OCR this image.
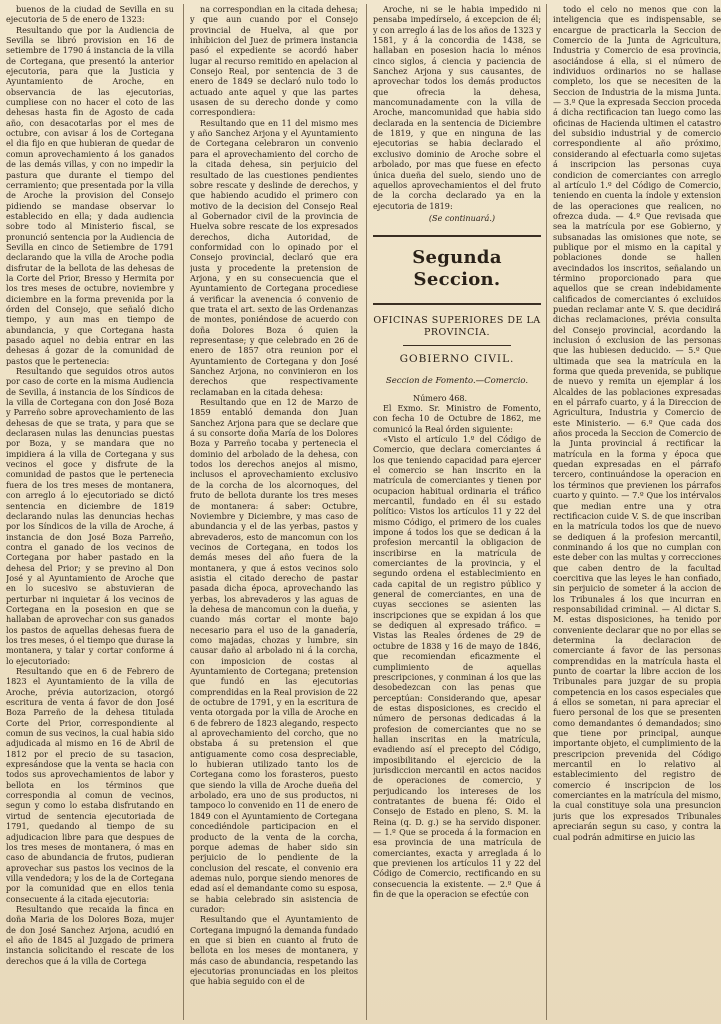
buenos de la ciudad de Sevilla en su ejecutoria de 5 de enero de 1323:

Resultando que por la Audiencia de Sevilla se libró provision en 16 de setiembre de 1790 á instancia de la villa de Cortegana, que presentó la anterior ejecutoria, para que la Justicia y Ayuntamiento de Aroche, en observancia de las ejecutorias, cumpliese con no hacer el coto de las dehesas hasta fin de Agosto de cada año, con desacotarlas por el mes de octubre, con avisar á los de Cortegana el dia fijo en que hubieran de quedar de comun aprovechamiento á los ganados de las demás villas, y con no impedir la pastura que durante el tiempo del cerramiento; que presentada por la villa de Aroche la provision del Consejo pidiendo se mandase observar lo establecido en ella; y dada audiencia sobre todo al Ministerio fiscal, se pronunció sentencia por la Audiencia de Sevilla en cinco de Setiembre de 1791 declarando que la villa de Aroche podia disfrutar de la bellota de las dehesas de la Corte del Prior, Bresso y Hermita por los tres meses de octubre, noviembre y diciembre en la forma prevenida por la órden del Consejo, que señaló dicho tiempo, y aun mas en tiempo de abundancia, y que Cortegana hasta pasado aquel no debia entrar en las dehesas á gozar de la comunidad de pastos que le pertenecia:

Resultando que seguidos otros autos por caso de corte en la misma Audiencia de Sevilla, á instancia de los Síndicos de la villa de Cortegana con don José Boza y Parreño sobre aprovechamiento de las dehesas de que se trata, y para que se declarasen nulas las denuncias puestas por Boza, y se mandara que no impidiera á la villa de Cortegana y sus vecinos el goce y disfrute de la comunidad de pastos que le pertenecia fuera de los tres meses de montanera, con arreglo á lo ejecutoriado se dictó sentencia en diciembre de 1819 declarando nulas las denuncias hechas por los Síndicos de la villa de Aroche, á instancia de don José Boza Parreño, contra el ganado de los vecinos de Cortegana por haber pastado en la dehesa del Prior; y se previno al Don José y al Ayuntamiento de Aroche que en lo sucesivo se abstuvieran de perturbar ni inquietar á los vecinos de Cortegana en la posesion en que se hallaban de aprovechar con sus ganados los pastos de aquellas dehesas fuera de los tres meses, ó el tiempo que durase la montanera, y talar y cortar conforme á lo ejecutoriado:

Resultando que en 6 de Febrero de 1823 el Ayuntamiento de la villa de Aroche, prévia autorizacion, otorgó escritura de venta á favor de don José Boza Parreño de la dehesa titulada Corte del Prior, correspondiente al comun de sus vecinos, la cual habia sido adjudicada al mismo en 16 de Abril de 1812 por el precio de su tasacion, expresándose que la venta se hacia con todos sus aprovechamientos de labor y bellota en los términos que correspondia al comun de vecinos, segun y como lo estaba disfrutando en virtud de sentencia ejecutoriada de 1791, quedando al tiempo de su adjudicacion libre para que despues de los tres meses de montanera, ó mas en caso de abundancia de frutos, pudieran aprovechar sus pastos los vecinos de la villa vendedora; y los de la de Cortegana por la comunidad que en ellos tenia consecuente á la citada ejecutoria:

Resultando que recaida la finca en doña Maria de los Dolores Boza, mujer de don José Sanchez Arjona, acudió en el año de 1845 al Juzgado de primera instancia solicitando el rescate de los derechos que á la villa de Cortega

na correspondian en la citada dehesa; y que aun cuando por el Consejo provincial de Huelva, al que por inhibicion del Juez de primera instancia pasó el expediente se acordó haber lugar al recurso remitido en apelacion al Consejo Real, por sentencia de 3 de enero de 1849 se declaró nulo todo lo actuado ante aquel y que las partes usasen de su derecho donde y como correspondiera:

Resultando que en 11 del mismo mes y año Sanchez Arjona y el Ayuntamiento de Cortegana celebraron un convenio para el aprovechamiento del corcho de la citada dehesa, sin perjuicio del resultado de las cuestiones pendientes sobre rescate y deslinde de derechos, y que habiendo acudido el primero con motivo de la decision del Consejo Real al Gobernador civil de la provincia de Huelva sobre rescate de los expresados derechos, dicha Autoridad, de conformidad con lo opinado por el Consejo provincial, declaró que era justa y procedente la pretension de Arjona, y en su consecuencia que el Ayuntamiento de Cortegana procediese á verificar la avenencia ó convenio de que trata el art. sexto de las Ordenanzas de montes, poniéndose de acuerdo con doña Dolores Boza ó quien la representase; y que celebrado en 26 de enero de 1857 otra reunion por el Ayuntamiento de Cortegana y don José Sanchez Arjona, no convinieron en los derechos que respectivamente reclamaban en la citada dehesa:

Resultando que en 12 de Marzo de 1859 entabló demanda don Juan Sanchez Arjona para que se declare que á su consorte doña María de los Dolores Boza y Parreño tocaba y pertenecia el dominio del arbolado de la dehesa, con todos los derechos anejos al mismo, inclusos el aprovechamiento exclusivo de la corcha de los alcornoques, del fruto de bellota durante los tres meses de montanera: á saber: Octubre, Noviembre y Diciembre, y mas caso de abundancia y el de las yerbas, pastos y abrevaderos, esto de mancomun con los vecinos de Cortegana, en todos los demás meses del año fuera de la montanera, y que á estos vecinos solo asistia el citado derecho de pastar pasada dicha época, aprovechando las yerbas, los abrevaderos y las aguas de la dehesa de mancomun con la dueña, y cuando más cortar el monte bajo necesario para el uso de la ganadería, como majadas, chozas y lumbre, sin causar daño al arbolado ni á la corcha, con imposicion de costas al Ayuntamiento de Cortegana; pretension que fundó en las ejecutorias comprendidas en la Real provision de 22 de octubre de 1791, y en la escritura de venta otorgada por la villa de Aroche en 6 de febrero de 1823 alegando, respecto al aprovechamiento del corcho, que no obstaba á su pretension el que antiguamente como cosa despreciable, lo hubieran utilizado tanto los de Cortegana como los forasteros, puesto que siendo la villa de Aroche dueña del arbolado, era uno de sus productos, ni tampoco lo convenido en 11 de enero de 1849 con el Ayuntamiento de Cortegana concediéndole participacion en el producto de la venta de la corcha, porque ademas de haber sido sin perjuicio de lo pendiente de la conclusion del rescate, el convenio era ademas nulo, porque siendo menores de edad así el demandante como su esposa, se habia celebrado sin asistencia de curador:

Resultando que el Ayuntamiento de Cortegana impugnó la demanda fundado en que si bien en cuanto al fruto de bellota en los meses de montanera, y más caso de abundancia, respetando las ejecutorias pronunciadas en los pleitos que habia seguido con el de

Aroche, ni se le habia impedido ni pensaba impedírselo, á excepcion de él; y con arreglo á las de los años de 1323 y 1581, y á la concordia de 1438, se hallaban en posesion hacia lo ménos cinco siglos, á ciencia y paciencia de Sanchez Arjona y sus causantes, de aprovechar todos los demás productos que ofrecia la dehesa, mancomunadamente con la villa de Aroche, mancomunidad que habia sido declarada en la sentencia de Diciembre de 1819, y que en ninguna de las ejecutorias se habia declarado el exclusivo dominio de Aroche sobre el arbolado, por mas que fuese en efecto única dueña del suelo, siendo uno de aquellos aprovechamientos el del fruto de la corcha declarado ya en la ejecutoria de 1819:

(Se continuará.)

Segunda Seccion.
OFICINAS SUPERIORES DE LA PROVINCIA.
GOBIERNO CIVIL.
Seccion de Fomento.—Comercio.

Número 468.

El Exmo. Sr. Ministro de Fomento, con fecha 10 de Octubre de 1862, me comunicó la Real órden siguiente:

«Visto el artículo 1.º del Código de Comercio, que declara comerciantes á los que teniendo capacidad para ejercer el comercio se han inscrito en la matrícula de comerciantes y tienen por ocupacion habitual ordinaria el tráfico mercantil, fundado en él su estado político: Vistos los artículos 11 y 22 del mismo Código, el primero de los cuales impone á todos los que se dedican á la profesion mercantil la obligacion de inscribirse en la matrícula de comerciantes de la provincia, y el segundo ordena el establecimiento en cada capital de un registro público y general de comerciantes, en una de cuyas secciones se asienten las inscripciones que se expidan á los que se dediquen al expresado tráfico. = Vistas las Reales órdenes de 29 de octubre de 1838 y 16 de mayo de 1846, que recomiendan eficazmente el cumplimiento de aquellas prescripciones, y conminan á los que las desobedezcan con las penas que perceptúan: Considerando que, apesar de estas disposiciones, es crecido el número de personas dedicadas á la profesion de comerciantes que no se hallan inscritas en la matrícula, evadiendo así el precepto del Código, imposibilitando el ejercicio de la jurisdiccion mercantil en actos nacidos de operaciones de comercio, y perjudicando los intereses de los contratantes de buena fé: Oido el Consejo de Estado en pleno, S. M. la Reina (q. D. g.) se ha servido disponer. — 1.º Que se proceda á la formacion en esa provincia de una matrícula de comerciantes, exacta y arreglada á lo que previenen los artículos 11 y 22 del Código de Comercio, rectificando en su consecuencia la existente. — 2.º Que á fin de que la operacion se efectúe con

todo el celo no menos que con la inteligencia que es indispensable, se encargue de practicarla la Seccion de Comercio de la Junta de Agricultura, Industria y Comercio de esa provincia, asociándose á ella, si el número de individuos ordinarios no se hallase completo, los que se necesiten de la Seccion de Industria de la misma Junta. — 3.º Que la expresada Seccion proceda á dicha rectificacion tan luego como las oficinas de Hacienda ultimen el catastro del subsidio industrial y de comercio correspondiente al año próximo, considerando al efectuarla como sujetas á inscripcion las personas cuya condicion de comerciantes con arreglo al artículo 1.º del Código de Comercio, teniendo en cuenta la índole y extension de las operaciones que realicen, no ofrezca duda. — 4.º Que revisada que sea la matrícula por ese Gobierno, y subsanadas las omisiones que note, se publique por el mismo en la capital y poblaciones donde se hallen avecindados los inscritos, señalando un término proporcionado para que aquellos que se crean indebidamente calificados de comerciantes ó excluidos puedan reclamar ante V. S. que decidirá dichas reclamaciones, prévia consulta del Consejo provincial, acordando la inclusion ó exclusion de las personas que las hubiesen deducido. — 5.º Que ultimada que sea la matrícula en la forma que queda prevenida, se publique de nuevo y remita un ejemplar á los Alcaldes de las poblaciones expresadas en el párrafo cuarto, y á la Direccion de Agricultura, Industria y Comercio de este Ministerio. — 6.º Que cada dos años proceda la Seccion de Comercio de la Junta provincial á rectificar la matrícula en la forma y época que quedan expresadas en el párrafo tercero, continuándose la operacion en los términos que previenen los párrafos cuarto y quinto. — 7.º Que los intérvalos que median entre una y otra rectificacion cuide V. S. de que inscriban en la matrícula todos los que de nuevo se dediquen á la profesion mercantil, conminando á los que no cumplan con este deber con las multas y correcciones que caben dentro de la facultad coercitiva que las leyes le han confiado, sin perjuicio de someter á la accion de los Tribunales á los que incurran en responsabilidad criminal. — Al dictar S. M. estas disposiciones, ha tenido por conveniente declarar que no por ellas se determina la declaracion de comerciante á favor de las personas comprendidas en la matrícula hasta el punto de coartar la libre accion de los Tribunales para juzgar de su propia competencia en los casos especiales que á ellos se sometan, ni para apreciar el fuero personal de los que se presenten como demandantes ó demandados; sino que tiene por principal, aunque importante objeto, el cumplimiento de la prescripcion prevenida del Código mercantil en lo relativo al establecimiento del registro de comercio é inscripcion de los comerciantes en la matrícula del mismo, la cual constituye sola una presuncion juris que los expresados Tribunales apreciarán segun su caso, y contra la cual podrán admitirse en juicio las
